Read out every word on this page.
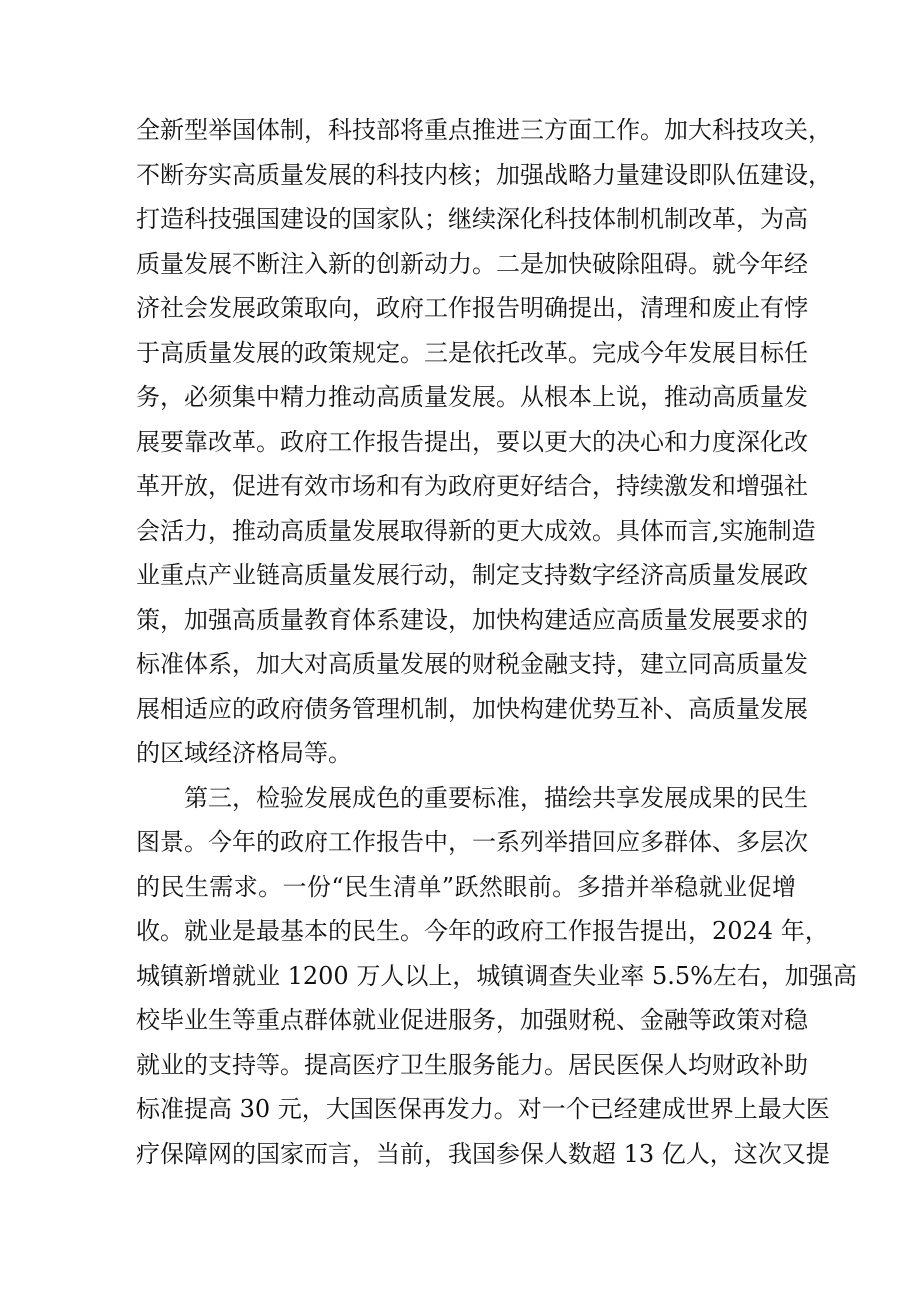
全新型举国体制，科技部将重点推进三方面工作。加大科技攻关，
不断夯实高质量发展的科技内核；加强战略力量建设即队伍建设，
打造科技强国建设的国家队；继续深化科技体制机制改革，为高
质量发展不断注入新的创新动力。二是加快破除阻碍。就今年经
济社会发展政策取向，政府工作报告明确提出，清理和废止有悖
于高质量发展的政策规定。三是依托改革。完成今年发展目标任
务，必须集中精力推动高质量发展。从根本上说，推动高质量发
展要靠改革。政府工作报告提出，要以更大的决心和力度深化改
革开放，促进有效市场和有为政府更好结合，持续激发和增强社
会活力，推动高质量发展取得新的更大成效。具体而言,实施制造
业重点产业链高质量发展行动，制定支持数字经济高质量发展政
策，加强高质量教育体系建设，加快构建适应高质量发展要求的
标准体系，加大对高质量发展的财税金融支持，建立同高质量发
展相适应的政府债务管理机制，加快构建优势互补、高质量发展
的区域经济格局等。
第三，检验发展成色的重要标准，描绘共享发展成果的民生
图景。今年的政府工作报告中，一系列举措回应多群体、多层次
的民生需求。一份“民生清单”跃然眼前。多措并举稳就业促增
收。就业是最基本的民生。今年的政府工作报告提出，2024 年，
城镇新增就业 1200 万人以上，城镇调查失业率 5.5%左右，加强高
校毕业生等重点群体就业促进服务，加强财税、金融等政策对稳
就业的支持等。提高医疗卫生服务能力。居民医保人均财政补助
标准提高 30 元，大国医保再发力。对一个已经建成世界上最大医
疗保障网的国家而言，当前，我国参保人数超 13 亿人，这次又提
